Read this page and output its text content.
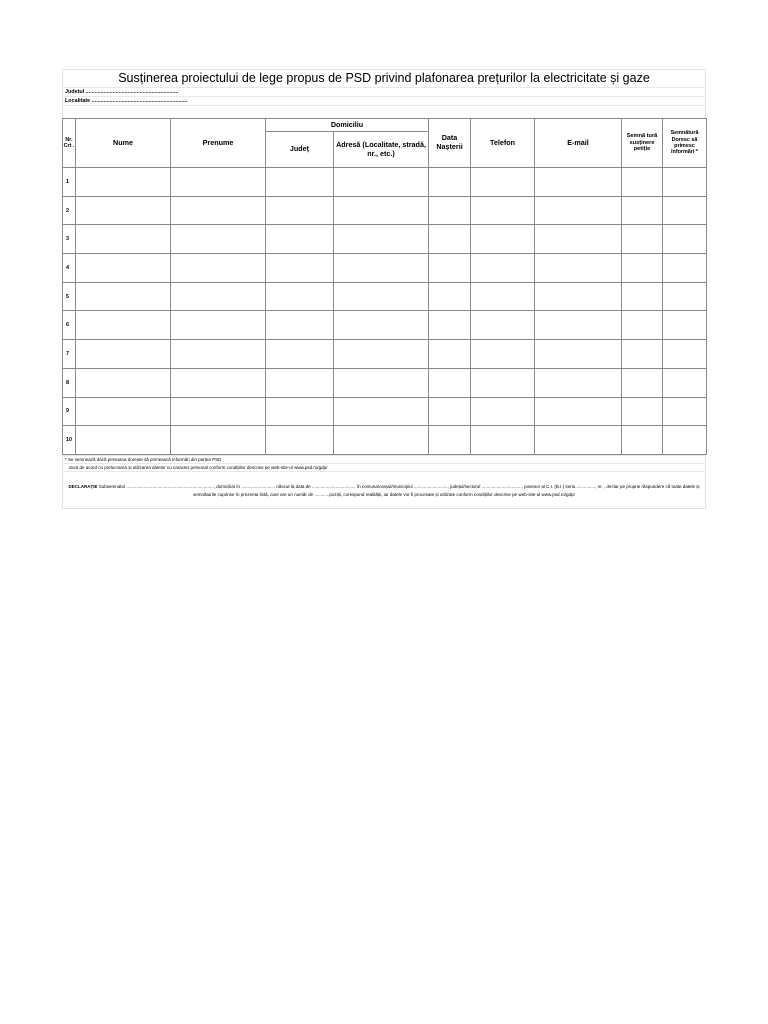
Susținerea proiectului de lege propus de PSD privind plafonarea prețurilor la electricitate și gaze
Judetul ..............................................................
Localitate ................................................................
Nr. Crt .	Nume	Prenume	Domiciliu		Data Nașterii	Telefon	E-mail	Semnă tură susținere petiție	Semnătură Doresc să primesc informări *
			Județ	Adresă (Localitate, stradă, nr., etc.)					
1									
2									
3									
4									
5									
6									
7									
8									
9									
10									
* Se semnează dacă persoana dorește să primească informări din partea PSD
Sunt de acord cu prelucrarea și utilizarea datelor cu caracter personal conform condițiilor descrise pe web-site-ul www.psd.ro/gdpr
DECLARAȚIE Subsemnatul ......................................................................, domiciliat în ........................... născut la data de .................................., în comuna/orașul/municipiul ..........................., județul/sectorul ................................, posesor al C.I. (B.I.) seria ..............., nr. , declar pe proprie răspundere că toate datele și semnăturile cuprinse în prezenta listă, care are un număr de ............poziții, corespund realității, iar datele vor fi procesate și utilizate conform condițiilor descrise pe web-site-ul www.psd.ro/gdpr
